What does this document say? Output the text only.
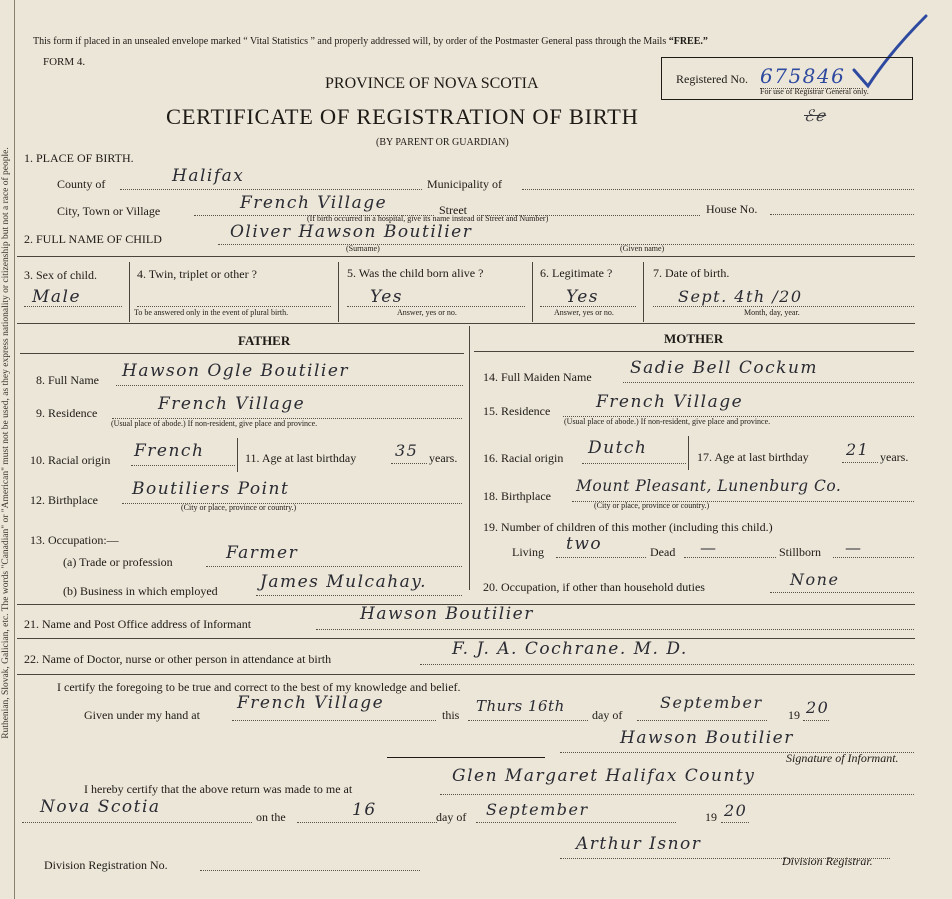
Ruthenian, Slovak, Galician, etc. The words "Canadian" or "American" must not be used, as they express nationality or citizenship but not a race of people.
This form if placed in an unsealed envelope marked “ Vital Statistics ” and properly addressed will, by order of the Postmaster General pass through the Mails “FREE.”
FORM 4.
PROVINCE OF NOVA SCOTIA	Registered No. 675846
For use of Registrar General only.
CERTIFICATE OF REGISTRATION OF BIRTH	ℰℯ
(BY PARENT OR GUARDIAN)
1. PLACE OF BIRTH.
County of	Halifax	Municipality of
City, Town or Village	French Village	Street	House No.
(If birth occurred in a hospital, give its name instead of Street and Number)
2. FULL NAME OF CHILD	Oliver Hawson Boutilier
(Surname)	(Given name)
3. Sex of child.
Male
4. Twin, triplet or other ?
To be answered only in the event of plural birth.
5. Was the child born alive ?
Yes
Answer, yes or no.
6. Legitimate ?
Yes
Answer, yes or no.
7. Date of birth.
Sept. 4th /20
Month, day, year.
FATHER	MOTHER
8. Full Name Hawson Ogle Boutilier
9. Residence	French Village
(Usual place of abode.) If non-resident, give place and province.
10. Racial origin French	11. Age at last birthday 35 years.
12. Birthplace
Boutiliers Point
(City or place, province or country.)
13. Occupation:—
(a) Trade or profession	Farmer
(b) Business in which employed James Mulcahay.
14. Full Maiden Name Sadie Bell Cockum
15. Residence	French Village
(Usual place of abode.) If non-resident, give place and province.
16. Racial origin Dutch	17. Age at last birthday 21 years.
18. Birthplace
Mount Pleasant, Lunenburg Co.
(City or place, province or country.)
19. Number of children of this mother (including this child.)
Living two	Dead —	Stillborn —
20. Occupation, if other than household duties	None
21. Name and Post Office address of Informant	Hawson Boutilier
22. Name of Doctor, nurse or other person in attendance at birth	F. J. A. Cochrane. M. D.
I certify the foregoing to be true and correct to the best of my knowledge and belief.
Given under my hand at
French Village
this Thurs 16th day of
September
19 20
Hawson Boutilier
Signature of Informant.
I hereby certify that the above return was made to me at
Glen Margaret Halifax County
Nova Scotia	on the	16	day of September	19 20
Arthur Isnor
Division Registrar.
Division Registration No.
